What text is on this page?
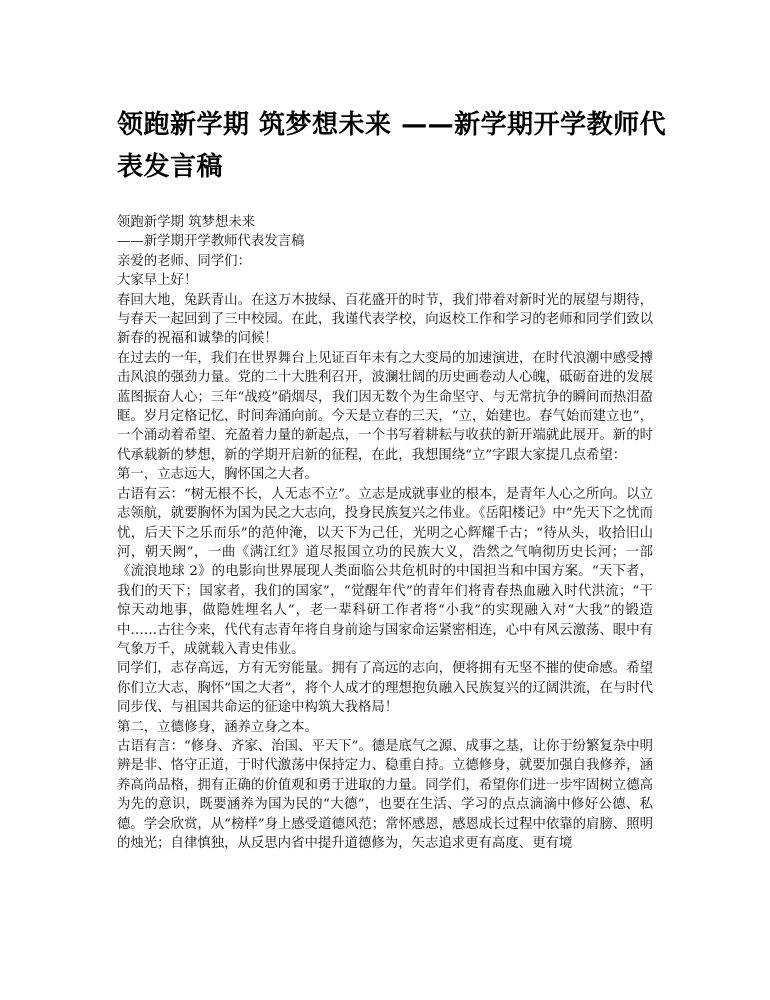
领跑新学期 筑梦想未来 ——新学期开学教师代表发言稿

领跑新学期 筑梦想未来

——新学期开学教师代表发言稿

亲爱的老师、同学们：

大家早上好！

春回大地，兔跃青山。在这万木披绿、百花盛开的时节，我们带着对新时光的展望与期待，与春天一起回到了三中校园。在此，我谨代表学校，向返校工作和学习的老师和同学们致以新春的祝福和诚挚的问候！

在过去的一年，我们在世界舞台上见证百年未有之大变局的加速演进，在时代浪潮中感受搏击风浪的强劲力量。党的二十大胜利召开，波澜壮阔的历史画卷动人心魄，砥砺奋进的发展蓝图振奋人心；三年“战疫”硝烟尽，我们因无数个为生命坚守、与无常抗争的瞬间而热泪盈眶。岁月定格记忆，时间奔涌向前。今天是立春的三天，“立，始建也。春气始而建立也”，一个涌动着希望、充盈着力量的新起点，一个书写着耕耘与收获的新开端就此展开。新的时代承载新的梦想，新的学期开启新的征程，在此，我想围绕“立”字跟大家提几点希望：

第一，立志远大，胸怀国之大者。

古语有云：“树无根不长，人无志不立”。立志是成就事业的根本，是青年人心之所向。以立志领航，就要胸怀为国为民之大志向，投身民族复兴之伟业。《岳阳楼记》中“先天下之忧而忧，后天下之乐而乐”的范仲淹，以天下为己任，光明之心辉耀千古；“待从头，收拾旧山河，朝天阙”，一曲《满江红》道尽报国立功的民族大义，浩然之气响彻历史长河；一部《流浪地球 2》的电影向世界展现人类面临公共危机时的中国担当和中国方案。“天下者，我们的天下；国家者，我们的国家”，“觉醒年代”的青年们将青春热血融入时代洪流；“干惊天动地事，做隐姓埋名人”，老一辈科研工作者将“小我”的实现融入对“大我”的锻造中……古往今来，代代有志青年将自身前途与国家命运紧密相连，心中有风云激荡、眼中有气象万千，成就载入青史伟业。

同学们，志存高远，方有无穷能量。拥有了高远的志向，便将拥有无坚不摧的使命感。希望你们立大志，胸怀“国之大者”，将个人成才的理想抱负融入民族复兴的辽阔洪流，在与时代同步伐、与祖国共命运的征途中构筑大我格局！

第二，立德修身，涵养立身之本。

古语有言：“修身、齐家、治国、平天下”。德是底气之源、成事之基，让你于纷繁复杂中明辨是非、恪守正道，于时代激荡中保持定力、稳重自持。立德修身，就要加强自我修养，涵养高尚品格，拥有正确的价值观和勇于进取的力量。同学们，希望你们进一步牢固树立德高为先的意识，既要涵养为国为民的“大德”，也要在生活、学习的点点滴滴中修好公德、私德。学会欣赏，从“榜样”身上感受道德风范；常怀感恩，感恩成长过程中依靠的肩膀、照明的烛光；自律慎独，从反思内省中提升道德修为，矢志追求更有高度、更有境
